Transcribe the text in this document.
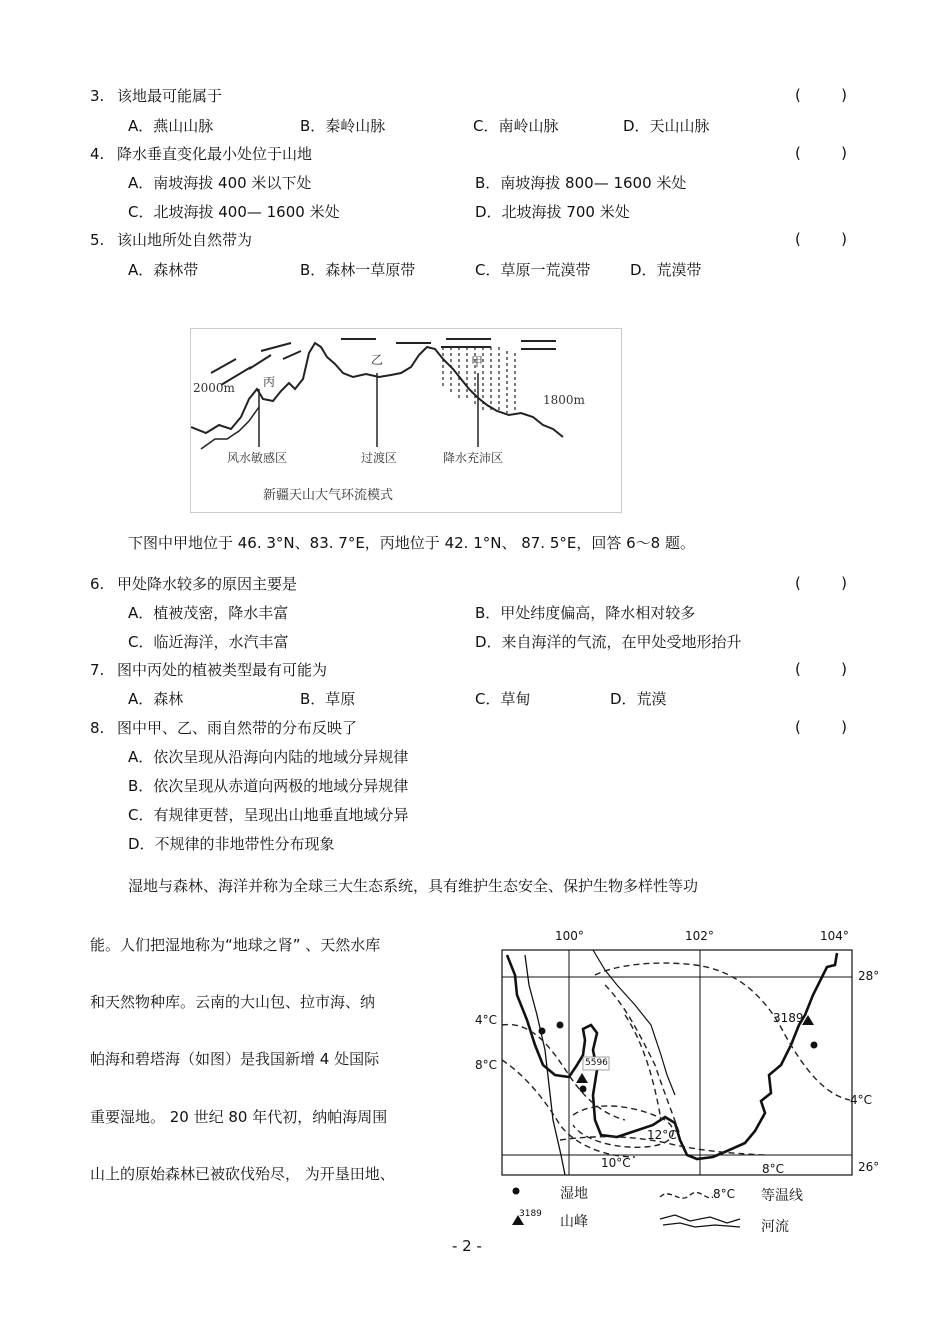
3. 该地最可能属于	(	)
A．燕山山脉	B．秦岭山脉	C．南岭山脉	D．天山山脉
4. 降水垂直变化最小处位于山地	(	)
A．南坡海拔 400 米以下处	B．南坡海拔 800— 1600 米处
C．北坡海拔 400— 1600 米处	D．北坡海拔 700 米处
5. 该山地所处自然带为	(	)
A．森林带	B．森林一草原带	C．草原一荒漠带	D．荒漠带
2000m
1800m
丙
乙	甲
风水敏感区	过渡区	降水充沛区
新疆天山大气环流模式
下图中甲地位于 46. 3°N、83. 7°E，丙地位于 42. 1°N、 87. 5°E，回答 6～8 题。
6. 甲处降水较多的原因主要是	(	)
A．植被茂密，降水丰富	B．甲处纬度偏高，降水相对较多
C．临近海洋，水汽丰富	D．来自海洋的气流，在甲处受地形抬升
7. 图中丙处的植被类型最有可能为	(	)
A．森林	B．草原	C．草甸	D．荒漠
8. 图中甲、乙、雨自然带的分布反映了	(	)
A．依次呈现从沿海向内陆的地域分异规律
B．依次呈现从赤道向两极的地域分异规律
C．有规律更替，呈现出山地垂直地域分异
D．不规律的非地带性分布现象
湿地与森林、海洋并称为全球三大生态系统，具有维护生态安全、保护生物多样性等功
能。人们把湿地称为“地球之肾” 、天然水库
和天然物种库。云南的大山包、拉市海、纳
帕海和碧塔海（如图）是我国新增 4 处国际
重要湿地。 20 世纪 80 年代初，纳帕海周围
山上的原始森林已被砍伐殆尽， 为开垦田地、
100°	102°	104°
28°
26°
4°C
8°C
4°C
12°C
10°C	8°C
5596
3189
湿地
3189 山峰
8°C 等温线
河流
- 2 -
